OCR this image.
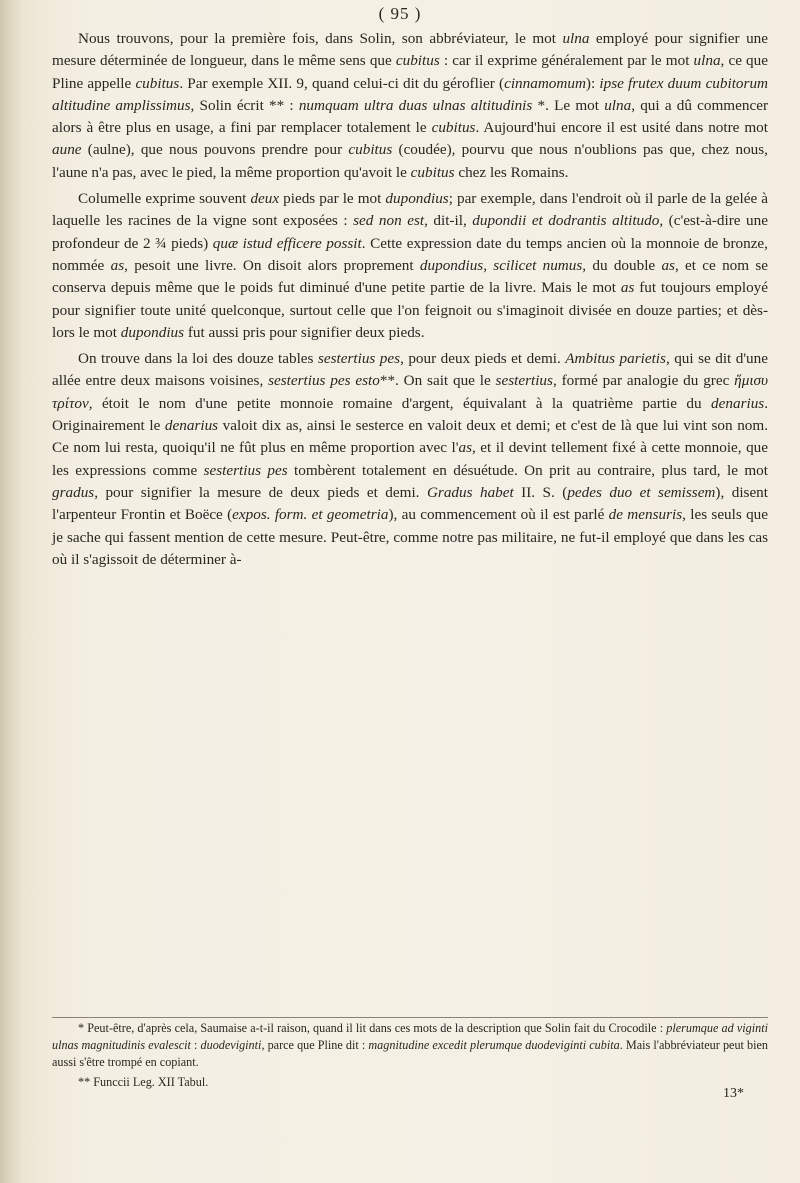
( 95 )

Nous trouvons, pour la première fois, dans Solin, son abbréviateur, le mot ulna employé pour signifier une mesure déterminée de longueur, dans le même sens que cubitus : car il exprime généralement par le mot ulna, ce que Pline appelle cubitus. Par exemple XII. 9, quand celui-ci dit du géroflier (cinnamomum): ipse frutex duum cubitorum altitudine amplissimus, Solin écrit ** : numquam ultra duas ulnas altitudinis *. Le mot ulna, qui a dû commencer alors à être plus en usage, a fini par remplacer totalement le cubitus. Aujourd'hui encore il est usité dans notre mot aune (aulne), que nous pouvons prendre pour cubitus (coudée), pourvu que nous n'oublions pas que, chez nous, l'aune n'a pas, avec le pied, la même proportion qu'avoit le cubitus chez les Romains.

Columelle exprime souvent deux pieds par le mot dupondius; par exemple, dans l'endroit où il parle de la gelée à laquelle les racines de la vigne sont exposées : sed non est, dit-il, dupondii et dodrantis altitudo, (c'est-à-dire une profondeur de 2 ¾ pieds) quæ istud efficere possit. Cette expression date du temps ancien où la monnoie de bronze, nommée as, pesoit une livre. On disoit alors proprement dupondius, scilicet numus, du double as, et ce nom se conserva depuis même que le poids fut diminué d'une petite partie de la livre. Mais le mot as fut toujours employé pour signifier toute unité quelconque, surtout celle que l'on feignoit ou s'imaginoit divisée en douze parties; et dès-lors le mot dupondius fut aussi pris pour signifier deux pieds.

On trouve dans la loi des douze tables sestertius pes, pour deux pieds et demi. Ambitus parietis, qui se dit d'une allée entre deux maisons voisines, sestertius pes esto**. On sait que le sestertius, formé par analogie du grec ἥμισυ τρίτον, étoit le nom d'une petite monnoie romaine d'argent, équivalant à la quatrième partie du denarius. Originairement le denarius valoit dix as, ainsi le sesterce en valoit deux et demi; et c'est de là que lui vint son nom. Ce nom lui resta, quoiqu'il ne fût plus en même proportion avec l'as, et il devint tellement fixé à cette monnoie, que les expressions comme sestertius pes tombèrent totalement en désuétude. On prit au contraire, plus tard, le mot gradus, pour signifier la mesure de deux pieds et demi. Gradus habet II. S. (pedes duo et semissem), disent l'arpenteur Frontin et Boëce (expos. form. et geometria), au commencement où il est parlé de mensuris, les seuls que je sache qui fassent mention de cette mesure. Peut-être, comme notre pas militaire, ne fut-il employé que dans les cas où il s'agissoit de déterminer à-

* Peut-être, d'après cela, Saumaise a-t-il raison, quand il lit dans ces mots de la description que Solin fait du Crocodile : plerumque ad viginti ulnas magnitudinis evalescit : duodeviginti, parce que Pline dit : magnitudine excedit plerumque duodeviginti cubita. Mais l'abbréviateur peut bien aussi s'être trompé en copiant.

** Funccii Leg. XII Tabul.

13*
